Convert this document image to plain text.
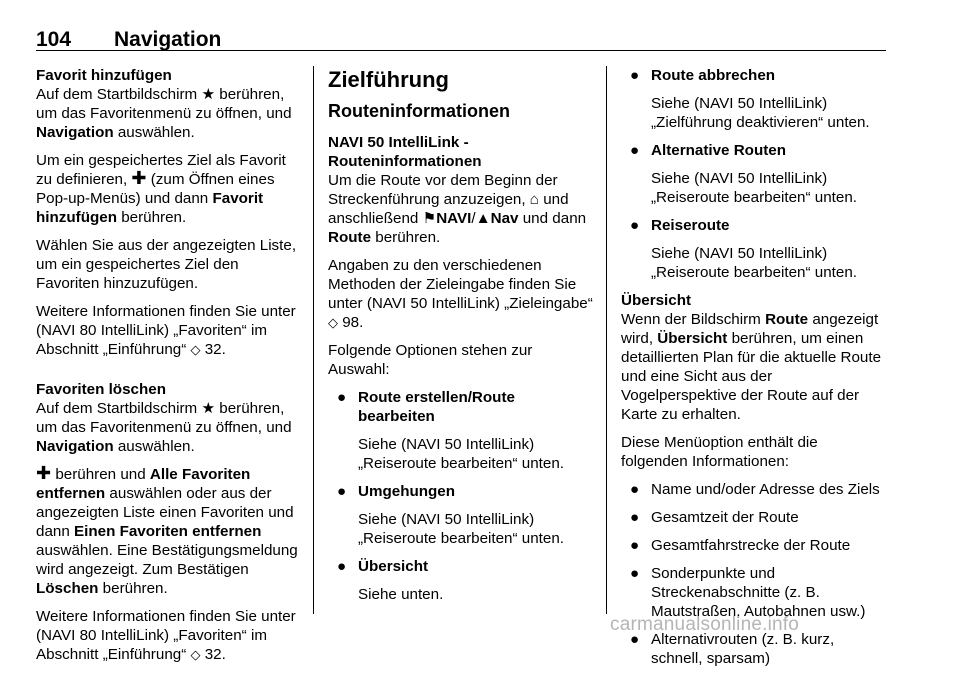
104 Navigation
Favorit hinzufügen

Auf dem Startbildschirm ★ berühren, um das Favoritenmenü zu öffnen, und Navigation auswählen.

Um ein gespeichertes Ziel als Favorit zu definieren, ✚ (zum Öffnen eines Pop-up-Menüs) und dann Favorit hinzufügen berühren.

Wählen Sie aus der angezeigten Liste, um ein gespeichertes Ziel den Favoriten hinzuzufügen.

Weitere Informationen finden Sie unter (NAVI 80 IntelliLink) „Favoriten“ im Abschnitt „Einführung“ ◇ 32.

Favoriten löschen

Auf dem Startbildschirm ★ berühren, um das Favoritenmenü zu öffnen, und Navigation auswählen.

✚ berühren und Alle Favoriten entfernen auswählen oder aus der angezeigten Liste einen Favoriten und dann Einen Favoriten entfernen auswählen. Eine Bestätigungsmeldung wird angezeigt. Zum Bestätigen Löschen berühren.

Weitere Informationen finden Sie unter (NAVI 80 IntelliLink) „Favoriten“ im Abschnitt „Einführung“ ◇ 32.

Zielführung
Routeninformationen
NAVI 50 IntelliLink - Routeninformationen

Um die Route vor dem Beginn der Streckenführung anzuzeigen, ⌂ und anschließend ⚑NAVI/▲Nav und dann Route berühren.

Angaben zu den verschiedenen Methoden der Zieleingabe finden Sie unter (NAVI 50 IntelliLink) „Zieleingabe“ ◇ 98.

Folgende Optionen stehen zur Auswahl:

● Route erstellen/Route bearbeiten
Siehe (NAVI 50 IntelliLink) „Reiseroute bearbeiten“ unten.
● Umgehungen
Siehe (NAVI 50 IntelliLink) „Reiseroute bearbeiten“ unten.
● Übersicht
Siehe unten.
● Route abbrechen
Siehe (NAVI 50 IntelliLink) „Zielführung deaktivieren“ unten.
● Alternative Routen
Siehe (NAVI 50 IntelliLink) „Reiseroute bearbeiten“ unten.
● Reiseroute
Siehe (NAVI 50 IntelliLink) „Reiseroute bearbeiten“ unten.
Übersicht

Wenn der Bildschirm Route angezeigt wird, Übersicht berühren, um einen detaillierten Plan für die aktuelle Route und eine Sicht aus der Vogelperspektive der Route auf der Karte zu erhalten.

Diese Menüoption enthält die folgenden Informationen:

● Name und/oder Adresse des Ziels
● Gesamtzeit der Route
● Gesamtfahrstrecke der Route
● Sonderpunkte und Streckenabschnitte (z. B. Mautstraßen, Autobahnen usw.)
● Alternativrouten (z. B. kurz, schnell, sparsam)
carmanualsonline.info
